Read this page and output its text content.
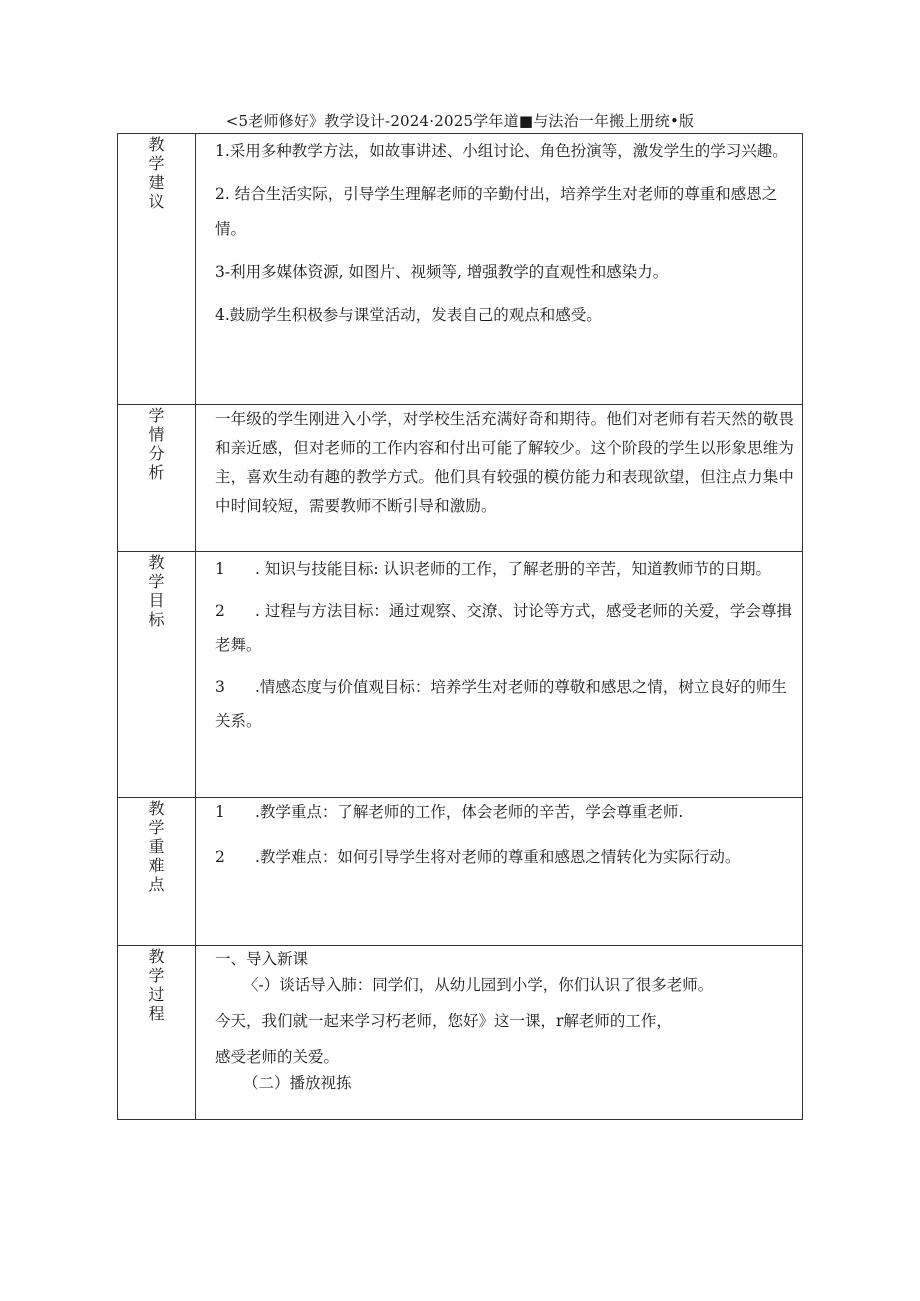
<5老师修好》教学设计-2024·2025学年道■与法治一年搬上册统•版
教学建议	1.采用多种教学方法，如故事讲述、小组讨论、角色扮演等，激发学生的学习兴趣。

2. 结合生活实际，引导学生理解老师的辛勤付出，培养学生对老师的尊重和感恩之情。

3-利用多媒体资源, 如图片、视频等, 增强教学的直观性和感染力。

4.鼓励学生积极参与课堂活动，发表自己的观点和感受。

学情分析	一年级的学生刚进入小学，对学校生活充满好奇和期待。他们对老师有若天然的敬畏和亲近感，但对老师的工作内容和付出可能了解较少。这个阶段的学生以形象思维为主，喜欢生动有趣的教学方式。他们具有较强的模仿能力和表现欲望，但注点力集中中时间较短，需要教师不断引导和激励。

教学目标	1 . 知识与技能目标: 认识老师的工作，了解老册的辛苦，知道教师节的日期。
2 . 过程与方法目标：通过观察、交潦、讨论等方式，感受老师的关爱，学会尊揖老舞。
3 .情感态度与价值观目标：培养学生对老师的尊敬和感思之情，树立良好的师生关系。

教学重难点	1 .教学重点：了解老师的工作，体会老师的辛苦，学会尊重老师.
2 .教学难点：如何引导学生将对老师的尊重和感恩之情转化为实际行动。

教学过程	一、导入新课
〈-）谈话导入肺：同学们，从幼儿园到小学，你们认识了很多老师。
今天，我们就一起来学习朽老师，您好》这一课，r解老师的工作，
感受老师的关爱。
（二）播放视拣
